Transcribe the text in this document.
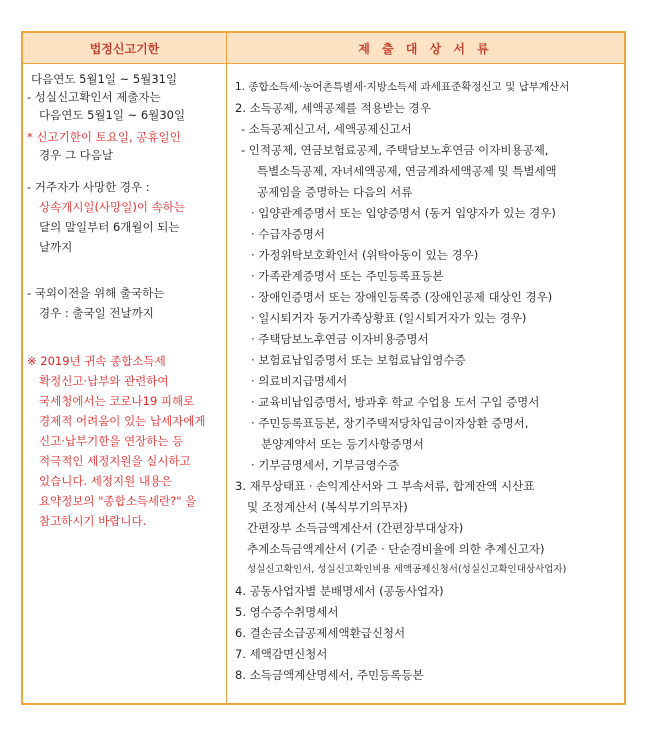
법정신고기한	제 출 대 상 서 류
다음연도 5월1일 ~ 5월31일
- 성실신고확인서 제출자는
다음연도 5월1일 ~ 6월30일
* 신고기한이 토요일, 공휴일인
경우 그 다음날
- 거주자가 사망한 경우 :
상속개시일(사망일)이 속하는
달의 말일부터 6개월이 되는
날까지
- 국외이전을 위해 출국하는
경우 : 출국일 전날까지
※ 2019년 귀속 종합소득세
확정신고·납부와 관련하여
국세청에서는 코로나19 피해로
경제적 어려움이 있는 납세자에게
신고·납부기한을 연장하는 등
적극적인 세정지원을 실시하고
있습니다. 세정지원 내용은
요약정보의 "종합소득세란?" 을
참고하시기 바랍니다.
1. 종합소득세·농어촌특별세·지방소득세 과세표준확정신고 및 납부계산서
2. 소득공제, 세액공제를 적용받는 경우
- 소득공제신고서, 세액공제신고서
- 인적공제, 연금보험료공제, 주택담보노후연금 이자비용공제,
특별소득공제, 자녀세액공제, 연금계좌세액공제 및 특별세액
공제임을 증명하는 다음의 서류
· 입양관계증명서 또는 입양증명서 (동거 입양자가 있는 경우)
· 수급자증명서
· 가정위탁보호확인서 (위탁아동이 있는 경우)
· 가족관계증명서 또는 주민등록표등본
· 장애인증명서 또는 장애인등록증 (장애인공제 대상인 경우)
· 일시퇴거자 동거가족상황표 (일시퇴거자가 있는 경우)
· 주택담보노후연금 이자비용증명서
· 보험료납입증명서 또는 보험료납입영수증
· 의료비지급명세서
· 교육비납입증명서, 방과후 학교 수업용 도서 구입 증명서
· 주민등록표등본, 장기주택저당차입금이자상환 증명서,
분양계약서 또는 등기사항증명서
· 기부금명세서, 기부금영수증
3. 재무상태표 · 손익계산서와 그 부속서류, 합계잔액 시산표
및 조정계산서 (복식부기의무자)
간편장부 소득금액계산서 (간편장부대상자)
추계소득금액계산서 (기준 · 단순경비율에 의한 추계신고자)
성실신고확인서, 성실신고확인비용 세액공제신청서(성실신고확인대상사업자)
4. 공동사업자별 분배명세서 (공동사업자)
5. 영수증수취명세서
6. 결손금소급공제세액환급신청서
7. 세액감면신청서
8. 소득금액계산명세서, 주민등록등본
